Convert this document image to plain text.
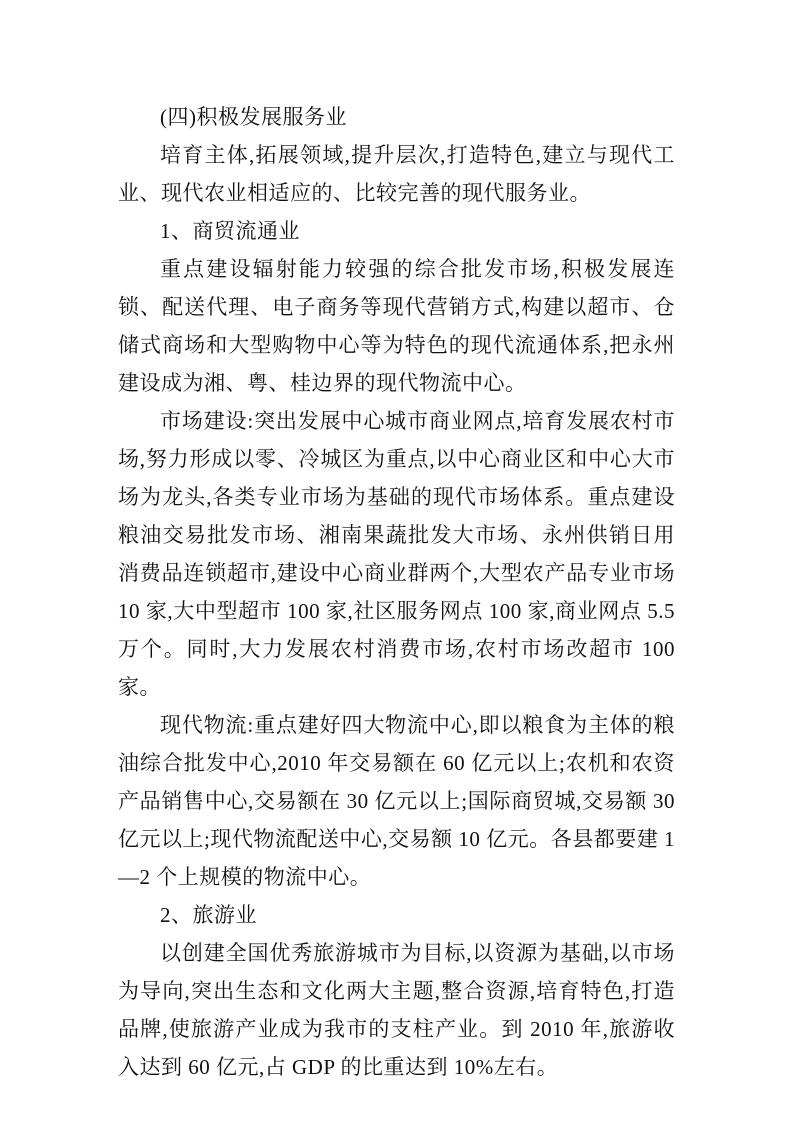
(四)积极发展服务业

培育主体,拓展领域,提升层次,打造特色,建立与现代工业、现代农业相适应的、比较完善的现代服务业。

1、商贸流通业

重点建设辐射能力较强的综合批发市场,积极发展连锁、配送代理、电子商务等现代营销方式,构建以超市、仓储式商场和大型购物中心等为特色的现代流通体系,把永州建设成为湘、粤、桂边界的现代物流中心。

市场建设:突出发展中心城市商业网点,培育发展农村市场,努力形成以零、冷城区为重点,以中心商业区和中心大市场为龙头,各类专业市场为基础的现代市场体系。重点建设粮油交易批发市场、湘南果蔬批发大市场、永州供销日用消费品连锁超市,建设中心商业群两个,大型农产品专业市场 10 家,大中型超市 100 家,社区服务网点 100 家,商业网点 5.5 万个。同时,大力发展农村消费市场,农村市场改超市 100 家。

现代物流:重点建好四大物流中心,即以粮食为主体的粮油综合批发中心,2010 年交易额在 60 亿元以上;农机和农资产品销售中心,交易额在 30 亿元以上;国际商贸城,交易额 30 亿元以上;现代物流配送中心,交易额 10 亿元。各县都要建 1—2 个上规模的物流中心。

2、旅游业

以创建全国优秀旅游城市为目标,以资源为基础,以市场为导向,突出生态和文化两大主题,整合资源,培育特色,打造品牌,使旅游产业成为我市的支柱产业。到 2010 年,旅游收入达到 60 亿元,占 GDP 的比重达到 10%左右。
